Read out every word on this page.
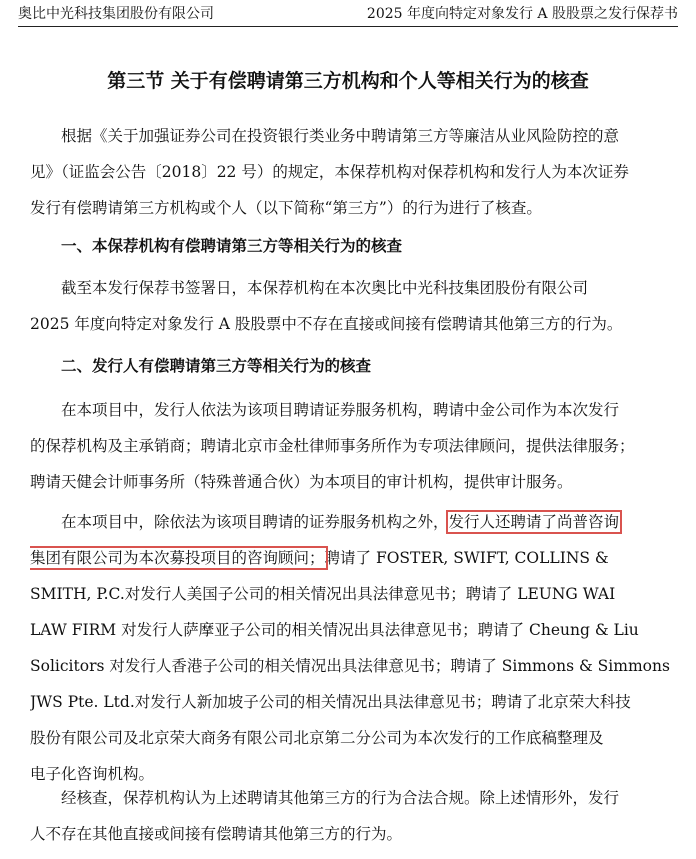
奥比中光科技集团股份有限公司	2025 年度向特定对象发行 A 股股票之发行保荐书
第三节 关于有偿聘请第三方机构和个人等相关行为的核查
根据《关于加强证券公司在投资银行类业务中聘请第三方等廉洁从业风险防控的意
见》（证监会公告〔2018〕22 号）的规定，本保荐机构对保荐机构和发行人为本次证券
发行有偿聘请第三方机构或个人（以下简称“第三方”）的行为进行了核查。
一、本保荐机构有偿聘请第三方等相关行为的核查
截至本发行保荐书签署日，本保荐机构在本次奥比中光科技集团股份有限公司
2025 年度向特定对象发行 A 股股票中不存在直接或间接有偿聘请其他第三方的行为。
二、发行人有偿聘请第三方等相关行为的核查
在本项目中，发行人依法为该项目聘请证券服务机构，聘请中金公司作为本次发行
的保荐机构及主承销商；聘请北京市金杜律师事务所作为专项法律顾问，提供法律服务；
聘请天健会计师事务所（特殊普通合伙）为本项目的审计机构，提供审计服务。
在本项目中，除依法为该项目聘请的证券服务机构之外，发行人还聘请了尚普咨询
集团有限公司为本次募投项目的咨询顾问；聘请了 FOSTER, SWIFT, COLLINS &
SMITH, P.C.对发行人美国子公司的相关情况出具法律意见书；聘请了 LEUNG WAI
LAW FIRM 对发行人萨摩亚子公司的相关情况出具法律意见书；聘请了 Cheung & Liu
Solicitors 对发行人香港子公司的相关情况出具法律意见书；聘请了 Simmons & Simmons
JWS Pte. Ltd.对发行人新加坡子公司的相关情况出具法律意见书；聘请了北京荣大科技
股份有限公司及北京荣大商务有限公司北京第二分公司为本次发行的工作底稿整理及
电子化咨询机构。
经核查，保荐机构认为上述聘请其他第三方的行为合法合规。除上述情形外，发行
人不存在其他直接或间接有偿聘请其他第三方的行为。
